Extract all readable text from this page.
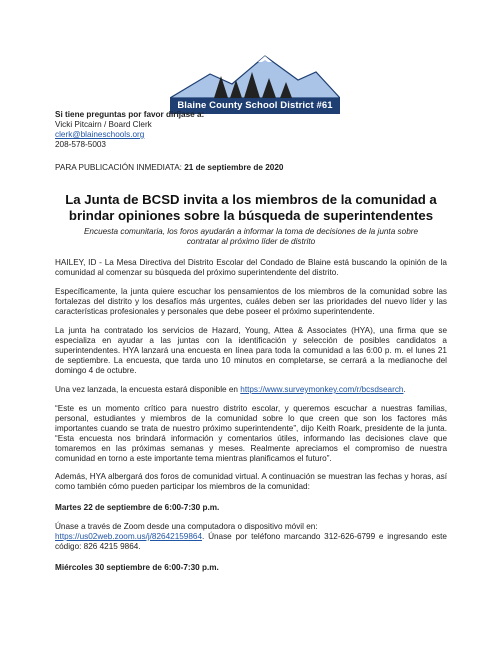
Blaine County School District #61
Si tiene preguntas por favor diríjase a:
Vicki Pitcairn / Board Clerk
clerk@blaineschools.org
208-578-5003
PARA PUBLICACIÓN INMEDIATA: 21 de septiembre de 2020
La Junta de BCSD invita a los miembros de la comunidad a brindar opiniones sobre la búsqueda de superintendentes
Encuesta comunitaria, los foros ayudarán a informar la toma de decisiones de la junta sobre contratar al próximo líder de distrito

HAILEY, ID - La Mesa Directiva del Distrito Escolar del Condado de Blaine está buscando la opinión de la comunidad al comenzar su búsqueda del próximo superintendente del distrito.

Específicamente, la junta quiere escuchar los pensamientos de los miembros de la comunidad sobre las fortalezas del distrito y los desafíos más urgentes, cuáles deben ser las prioridades del nuevo líder y las características profesionales y personales que debe poseer el próximo superintendente.

La junta ha contratado los servicios de Hazard, Young, Attea & Associates (HYA), una firma que se especializa en ayudar a las juntas con la identificación y selección de posibles candidatos a superintendentes. HYA lanzará una encuesta en línea para toda la comunidad a las 6:00 p. m. el lunes 21 de septiembre. La encuesta, que tarda uno 10 minutos en completarse, se cerrará a la medianoche del domingo 4 de octubre.

Una vez lanzada, la encuesta estará disponible en https://www.surveymonkey.com/r/bcsdsearch.

“Este es un momento crítico para nuestro distrito escolar, y queremos escuchar a nuestras familias, personal, estudiantes y miembros de la comunidad sobre lo que creen que son los factores más importantes cuando se trata de nuestro próximo superintendente”, dijo Keith Roark, presidente de la junta. “Esta encuesta nos brindará información y comentarios útiles, informando las decisiones clave que tomaremos en las próximas semanas y meses. Realmente apreciamos el compromiso de nuestra comunidad en torno a este importante tema mientras planificamos el futuro”.

Además, HYA albergará dos foros de comunidad virtual. A continuación se muestran las fechas y horas, así como también cómo pueden participar los miembros de la comunidad:

Martes 22 de septiembre de 6:00-7:30 p.m.

Únase a través de Zoom desde una computadora o dispositivo móvil en:
https://us02web.zoom.us/j/82642159864. Únase por teléfono marcando 312-626-6799 e ingresando este código: 826 4215 9864.

Miércoles 30 septiembre de 6:00-7:30 p.m.
